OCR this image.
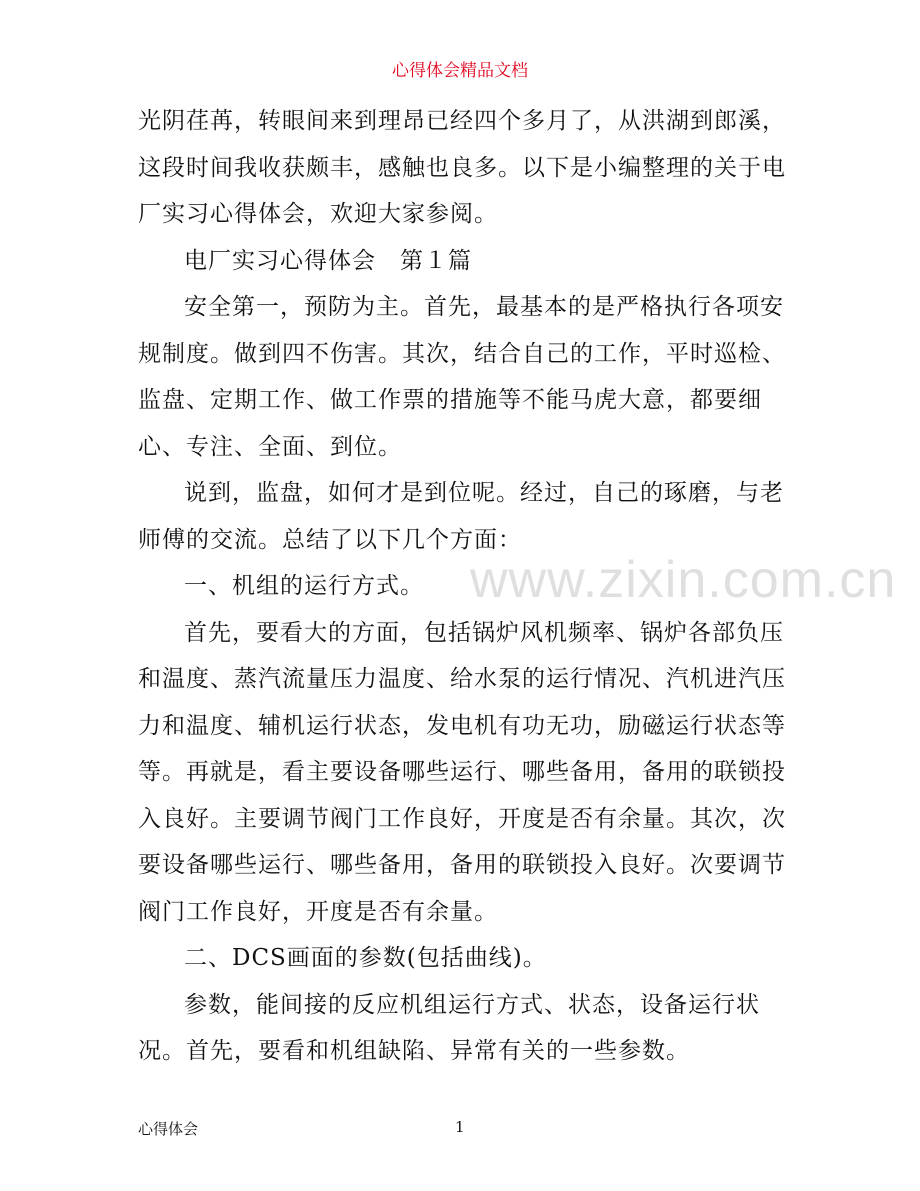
心得体会精品文档

光阴荏苒，转眼间来到理昂已经四个多月了，从洪湖到郎溪，这段时间我收获颇丰，感触也良多。以下是小编整理的关于电厂实习心得体会，欢迎大家参阅。

电厂实习心得体会　第１篇

安全第一，预防为主。首先，最基本的是严格执行各项安规制度。做到四不伤害。其次，结合自己的工作，平时巡检、监盘、定期工作、做工作票的措施等不能马虎大意，都要细心、专注、全面、到位。

说到，监盘，如何才是到位呢。经过，自己的琢磨，与老师傅的交流。总结了以下几个方面：

一、机组的运行方式。

首先，要看大的方面，包括锅炉风机频率、锅炉各部负压和温度、蒸汽流量压力温度、给水泵的运行情况、汽机进汽压力和温度、辅机运行状态，发电机有功无功，励磁运行状态等等。再就是，看主要设备哪些运行、哪些备用，备用的联锁投入良好。主要调节阀门工作良好，开度是否有余量。其次，次要设备哪些运行、哪些备用，备用的联锁投入良好。次要调节阀门工作良好，开度是否有余量。

二、DCS画面的参数(包括曲线)。

参数，能间接的反应机组运行方式、状态，设备运行状况。首先，要看和机组缺陷、异常有关的一些参数。

www.zixin.com.cn
心得体会	1
